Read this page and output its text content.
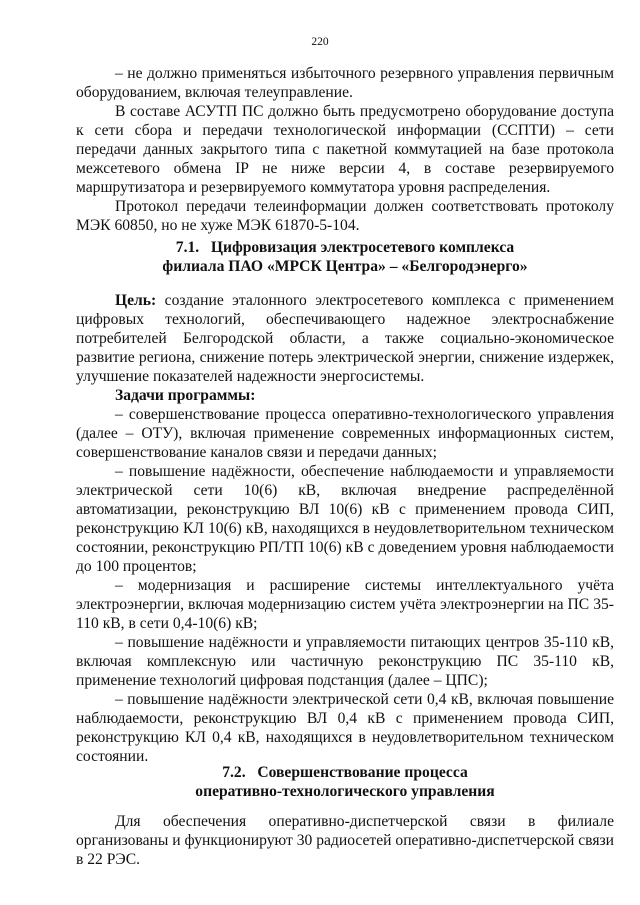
220

– не должно применяться избыточного резервного управления первичным оборудованием, включая телеуправление.

В составе АСУТП ПС должно быть предусмотрено оборудование доступа к сети сбора и передачи технологической информации (ССПТИ) – сети передачи данных закрытого типа с пакетной коммутацией на базе протокола межсетевого обмена IP не ниже версии 4, в составе резервируемого маршрутизатора и резервируемого коммутатора уровня распределения.

Протокол передачи телеинформации должен соответствовать протоколу МЭК 60850, но не хуже МЭК 61870-5-104.

7.1. Цифровизация электросетевого комплекса
филиала ПАО «МРСК Центра» – «Белгородэнерго»

Цель: создание эталонного электросетевого комплекса с применением цифровых технологий, обеспечивающего надежное электроснабжение потребителей Белгородской области, а также социально-экономическое развитие региона, снижение потерь электрической энергии, снижение издержек, улучшение показателей надежности энергосистемы.

Задачи программы:

– совершенствование процесса оперативно-технологического управления (далее – ОТУ), включая применение современных информационных систем, совершенствование каналов связи и передачи данных;

– повышение надёжности, обеспечение наблюдаемости и управляемости электрической сети 10(6) кВ, включая внедрение распределённой автоматизации, реконструкцию ВЛ 10(6) кВ с применением провода СИП, реконструкцию КЛ 10(6) кВ, находящихся в неудовлетворительном техническом состоянии, реконструкцию РП/ТП 10(6) кВ с доведением уровня наблюдаемости до 100 процентов;

– модернизация и расширение системы интеллектуального учёта электроэнергии, включая модернизацию систем учёта электроэнергии на ПС 35-110 кВ, в сети 0,4-10(6) кВ;

– повышение надёжности и управляемости питающих центров 35-110 кВ, включая комплексную или частичную реконструкцию ПС 35-110 кВ, применение технологий цифровая подстанция (далее – ЦПС);

– повышение надёжности электрической сети 0,4 кВ, включая повышение наблюдаемости, реконструкцию ВЛ 0,4 кВ с применением провода СИП, реконструкцию КЛ 0,4 кВ, находящихся в неудовлетворительном техническом состоянии.

7.2. Совершенствование процесса
оперативно-технологического управления

Для обеспечения оперативно-диспетчерской связи в филиале организованы и функционируют 30 радиосетей оперативно-диспетчерской связи в 22 РЭС.
